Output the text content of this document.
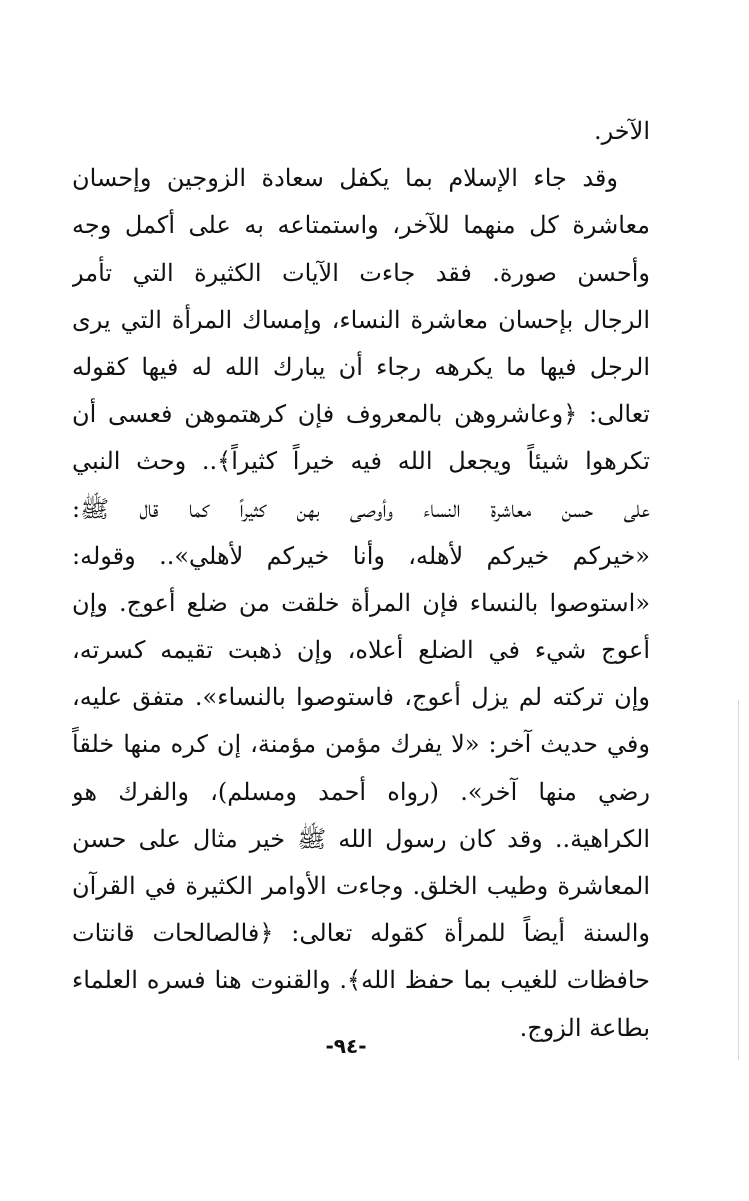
الآخر.
وقد جاء الإسلام بما يكفل سعادة الزوجين وإحسان
معاشرة كل منهما للآخر، واستمتاعه به على أكمل وجه
وأحسن صورة. فقد جاءت الآيات الكثيرة التي تأمر
الرجال بإحسان معاشرة النساء، وإمساك المرأة التي يرى
الرجل فيها ما يكرهه رجاء أن يبارك الله له فيها كقوله
تعالى: ﴿وعاشروهن بالمعروف فإن كرهتموهن فعسى أن
تكرهوا شيئاً ويجعل الله فيه خيراً كثيراً﴾.. وحث النبي
على حسن معاشرة النساء وأوصى بهن كثيراً كما قال ﷺ:
«خيركم خيركم لأهله، وأنا خيركم لأهلي».. وقوله:
«استوصوا بالنساء فإن المرأة خلقت من ضلع أعوج. وإن
أعوج شيء في الضلع أعلاه، وإن ذهبت تقيمه كسرته،
وإن تركته لم يزل أعوج، فاستوصوا بالنساء». متفق عليه،
وفي حديث آخر: «لا يفرك مؤمن مؤمنة، إن كره منها خلقاً
رضي منها آخر». (رواه أحمد ومسلم)، والفرك هو
الكراهية.. وقد كان رسول الله ﷺ خير مثال على حسن
المعاشرة وطيب الخلق. وجاءت الأوامر الكثيرة في القرآن
والسنة أيضاً للمرأة كقوله تعالى: ﴿فالصالحات قانتات
حافظات للغيب بما حفظ الله﴾. والقنوت هنا فسره العلماء
بطاعة الزوج.
-٩٤-
